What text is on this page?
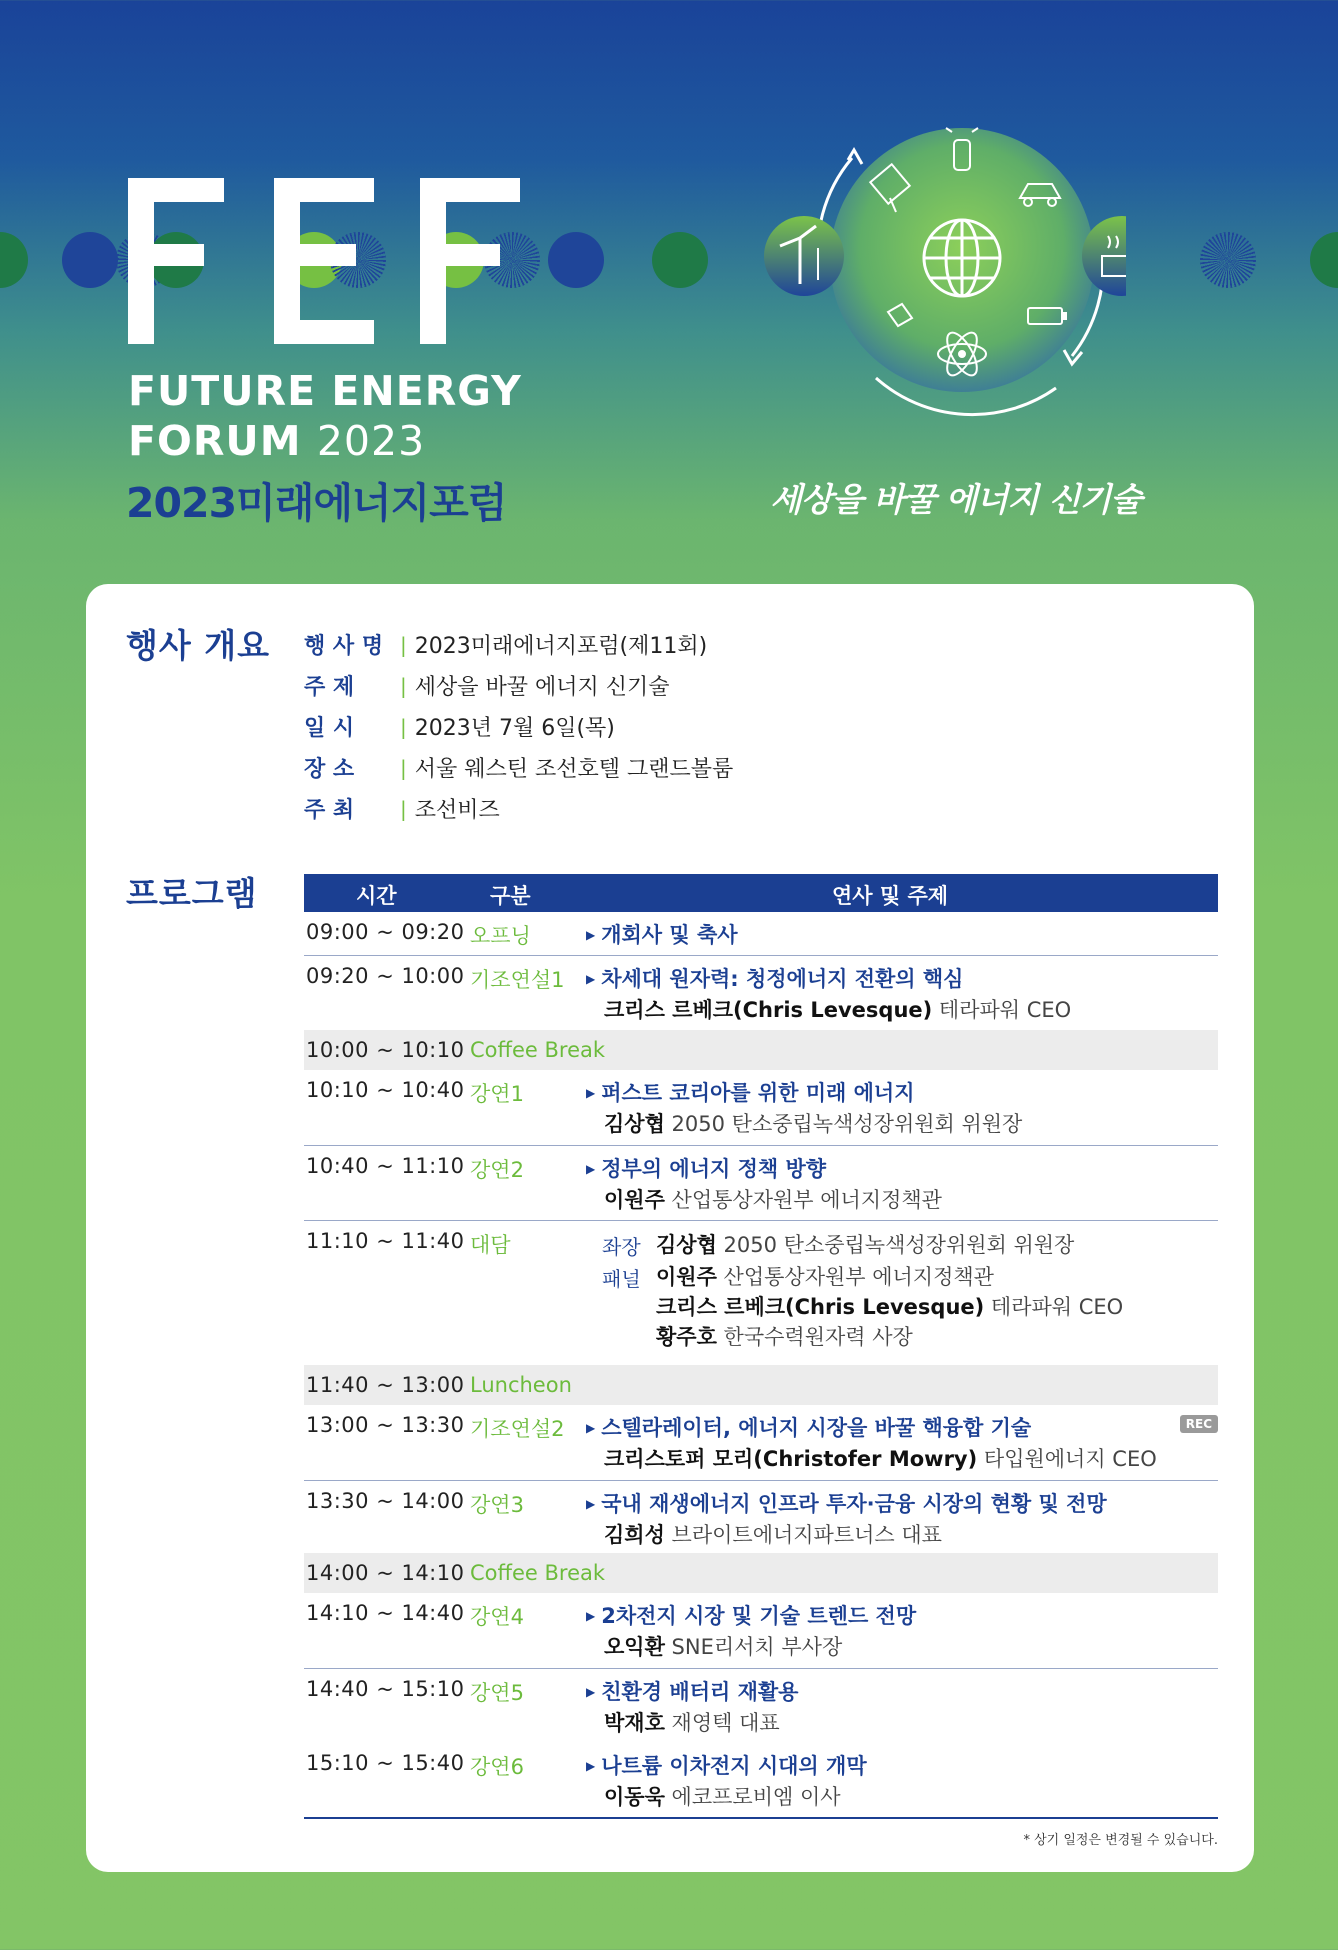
FUTURE ENERGY
FORUM 2023
2023미래에너지포럼	세상을 바꿀 에너지 신기술
행사 개요 행 사 명 | 2023미래에너지포럼(제11회)
주 제	| 세상을 바꿀 에너지 신기술
일 시	| 2023년 7월 6일(목)
장 소	| 서울 웨스틴 조선호텔 그랜드볼룸
주 최	| 조선비즈
프로그램	시간	구분	연사 및 주제
09:00 ~ 09:20 오프닝	▶ 개회사 및 축사
09:20 ~ 10:00 기조연설1 ▶ 차세대 원자력: 청정에너지 전환의 핵심
크리스 르베크(Chris Levesque) 테라파워 CEO
10:00 ~ 10:10 Coffee Break
10:10 ~ 10:40 강연1	▶ 퍼스트 코리아를 위한 미래 에너지
김상협 2050 탄소중립녹색성장위원회 위원장
10:40 ~ 11:10 강연2	▶ 정부의 에너지 정책 방향
이원주 산업통상자원부 에너지정책관
11:10 ~ 11:40 대담	좌장 김상협 2050 탄소중립녹색성장위원회 위원장
패널 이원주 산업통상자원부 에너지정책관
크리스 르베크(Chris Levesque) 테라파워 CEO
황주호 한국수력원자력 사장
11:40 ~ 13:00 Luncheon
13:00 ~ 13:30 기조연설2 ▶ 스텔라레이터, 에너지 시장을 바꿀 핵융합 기술
크리스토퍼 모리(Christofer Mowry) 타입원에너지 CEO
REC
13:30 ~ 14:00 강연3	▶ 국내 재생에너지 인프라 투자·금융 시장의 현황 및 전망
김희성 브라이트에너지파트너스 대표
14:00 ~ 14:10 Coffee Break
14:10 ~ 14:40 강연4	▶ 2차전지 시장 및 기술 트렌드 전망
오익환 SNE리서치 부사장
14:40 ~ 15:10 강연5	▶ 친환경 배터리 재활용
박재호 재영텍 대표
15:10 ~ 15:40 강연6	▶ 나트륨 이차전지 시대의 개막
이동욱 에코프로비엠 이사
* 상기 일정은 변경될 수 있습니다.
